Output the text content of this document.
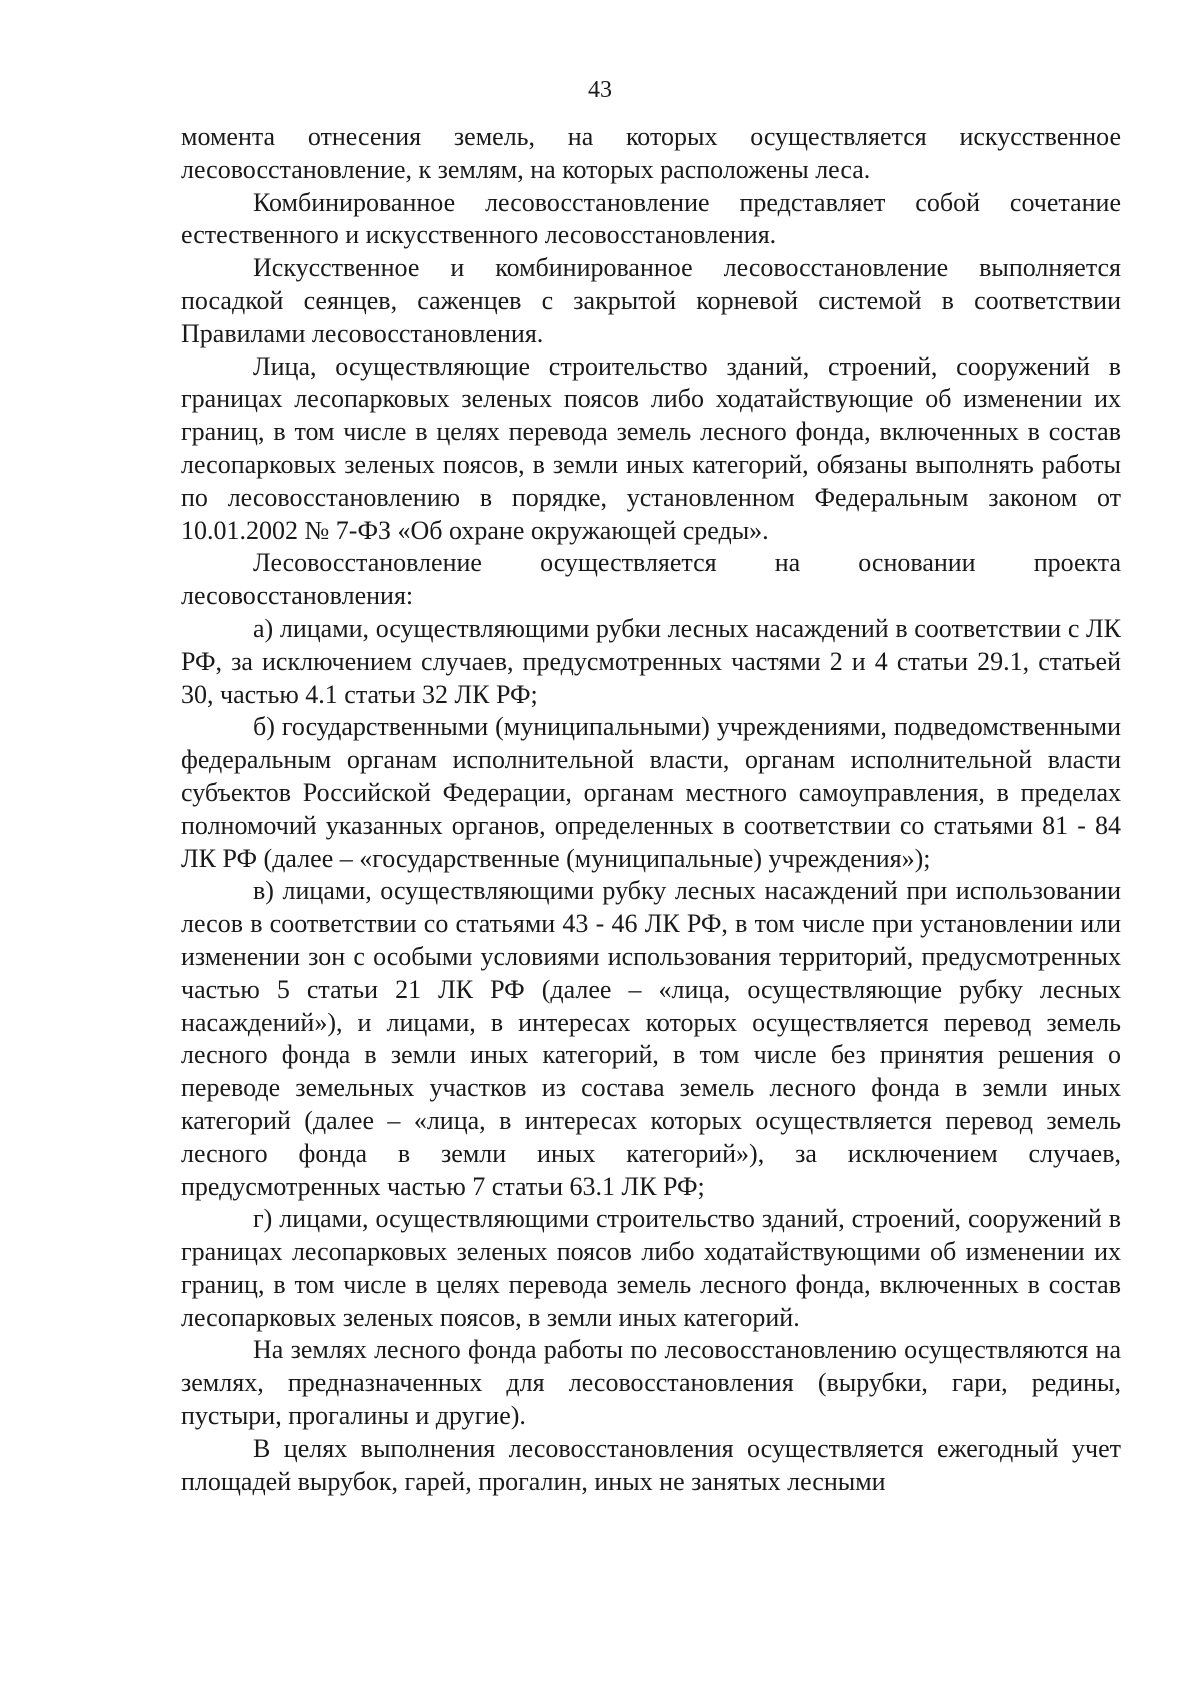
43

момента отнесения земель, на которых осуществляется искусственное лесовосстановление, к землям, на которых расположены леса.

Комбинированное лесовосстановление представляет собой сочетание естественного и искусственного лесовосстановления.

Искусственное и комбинированное лесовосстановление выполняется посадкой сеянцев, саженцев с закрытой корневой системой в соответствии Правилами лесовосстановления.

Лица, осуществляющие строительство зданий, строений, сооружений в границах лесопарковых зеленых поясов либо ходатайствующие об изменении их границ, в том числе в целях перевода земель лесного фонда, включенных в состав лесопарковых зеленых поясов, в земли иных категорий, обязаны выполнять работы по лесовосстановлению в порядке, установленном Федеральным законом от 10.01.2002 № 7-ФЗ «Об охране окружающей среды».

Лесовосстановление осуществляется на основании проекта лесовосстановления:

а) лицами, осуществляющими рубки лесных насаждений в соответствии с ЛК РФ, за исключением случаев, предусмотренных частями 2 и 4 статьи 29.1, статьей 30, частью 4.1 статьи 32 ЛК РФ;

б) государственными (муниципальными) учреждениями, подведомственными федеральным органам исполнительной власти, органам исполнительной власти субъектов Российской Федерации, органам местного самоуправления, в пределах полномочий указанных органов, определенных в соответствии со статьями 81 - 84 ЛК РФ (далее – «государственные (муниципальные) учреждения»);

в) лицами, осуществляющими рубку лесных насаждений при использовании лесов в соответствии со статьями 43 - 46 ЛК РФ, в том числе при установлении или изменении зон с особыми условиями использования территорий, предусмотренных частью 5 статьи 21 ЛК РФ (далее – «лица, осуществляющие рубку лесных насаждений»), и лицами, в интересах которых осуществляется перевод земель лесного фонда в земли иных категорий, в том числе без принятия решения о переводе земельных участков из состава земель лесного фонда в земли иных категорий (далее – «лица, в интересах которых осуществляется перевод земель лесного фонда в земли иных категорий»), за исключением случаев, предусмотренных частью 7 статьи 63.1 ЛК РФ;

г) лицами, осуществляющими строительство зданий, строений, сооружений в границах лесопарковых зеленых поясов либо ходатайствующими об изменении их границ, в том числе в целях перевода земель лесного фонда, включенных в состав лесопарковых зеленых поясов, в земли иных категорий.

На землях лесного фонда работы по лесовосстановлению осуществляются на землях, предназначенных для лесовосстановления (вырубки, гари, редины, пустыри, прогалины и другие).

В целях выполнения лесовосстановления осуществляется ежегодный учет площадей вырубок, гарей, прогалин, иных не занятых лесными
